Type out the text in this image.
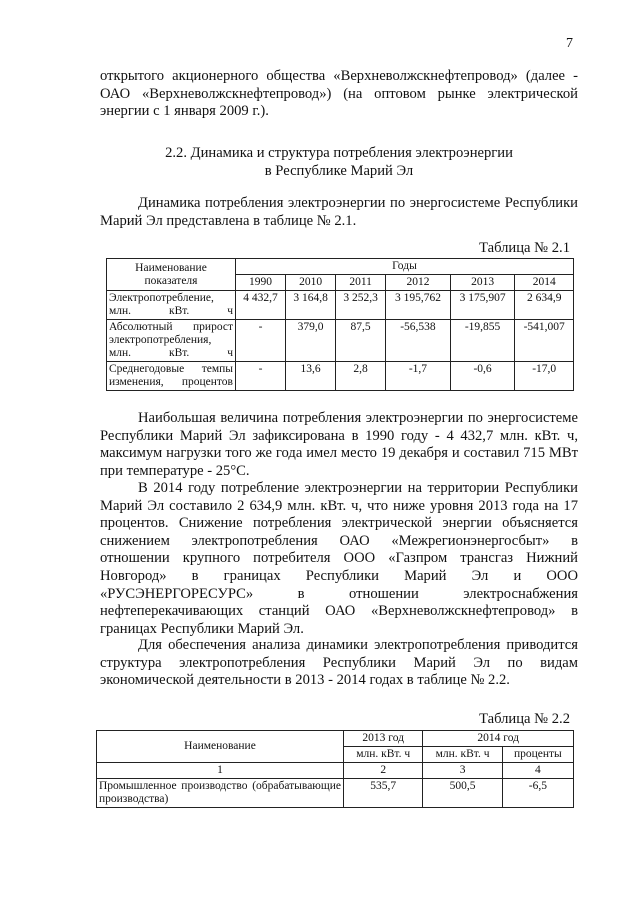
7

открытого акционерного общества «Верхневолжскнефтепровод» (далее - ОАО «Верхневолжскнефтепровод») (на оптовом рынке электрической энергии с 1 января 2009 г.).

2.2. Динамика и структура потребления электроэнергии
в Республике Марий Эл

Динамика потребления электроэнергии по энергосистеме Республики Марий Эл представлена в таблице № 2.1.

Таблица № 2.1
Наименование показателя	Годы					
	1990	2010	2011	2012	2013	2014
Электропотребление, млн. кВт. ч	4 432,7	3 164,8	3 252,3	3 195,762	3 175,907	2 634,9
Абсолютный прирост электропотребления, млн. кВт. ч	-	379,0	87,5	-56,538	-19,855	-541,007
Среднегодовые темпы изменения, процентов	-	13,6	2,8	-1,7	-0,6	-17,0

Наибольшая величина потребления электроэнергии по энергосистеме Республики Марий Эл зафиксирована в 1990 году - 4 432,7 млн. кВт. ч, максимум нагрузки того же года имел место 19 декабря и составил 715 МВт при температуре - 25°С.

В 2014 году потребление электроэнергии на территории Республики Марий Эл составило 2 634,9 млн. кВт. ч, что ниже уровня 2013 года на 17 процентов. Снижение потребления электрической энергии объясняется снижением электропотребления ОАО «Межрегионэнергосбыт» в отношении крупного потребителя ООО «Газпром трансгаз Нижний Новгород» в границах Республики Марий Эл и ООО «РУСЭНЕРГОРЕСУРС» в отношении электроснабжения нефтеперекачивающих станций ОАО «Верхневолжскнефтепровод» в границах Республики Марий Эл.

Для обеспечения анализа динамики электропотребления приводится структура электропотребления Республики Марий Эл по видам экономической деятельности в 2013 - 2014 годах в таблице № 2.2.

Таблица № 2.2
Наименование	2013 год	2014 год	
	млн. кВт. ч	млн. кВт. ч	проценты
1	2	3	4
Промышленное производство (обрабатывающие производства)	535,7	500,5	-6,5
